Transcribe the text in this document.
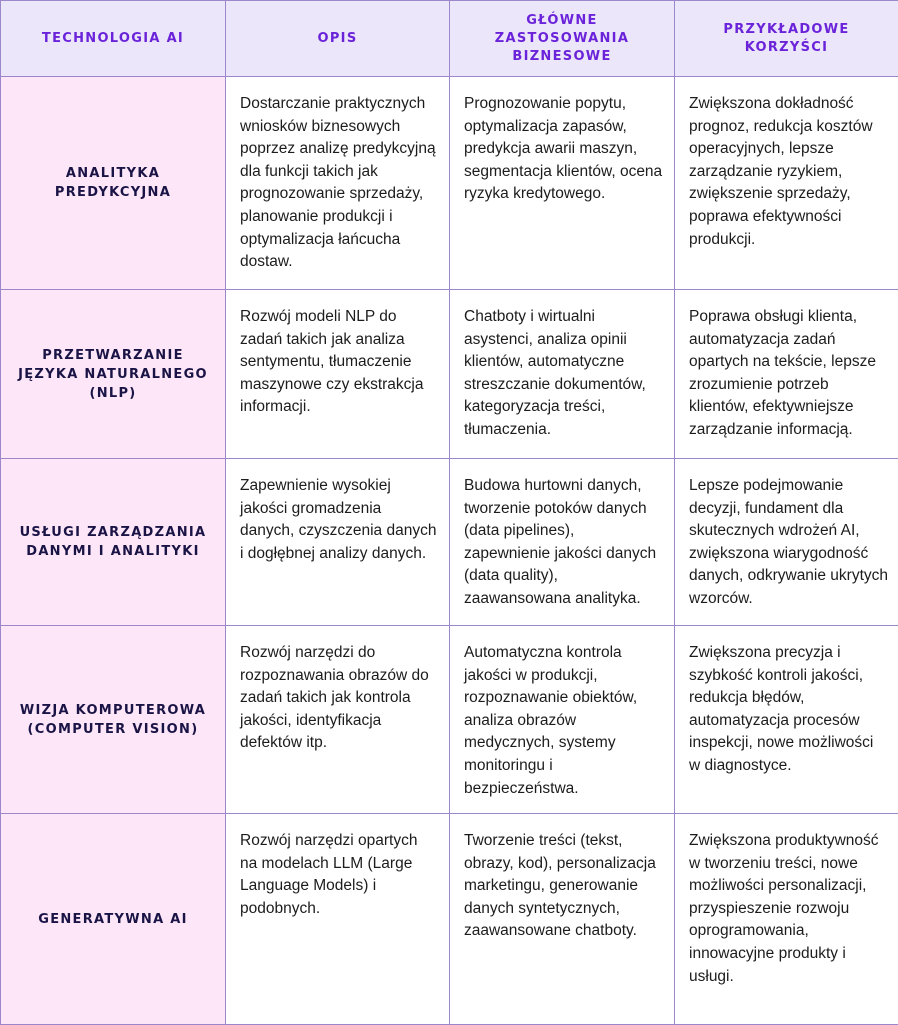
TECHNOLOGIA AI	OPIS	GŁÓWNE ZASTOSOWANIA BIZNESOWE	PRZYKŁADOWE KORZYŚCI
ANALITYKA PREDYKCYJNA	Dostarczanie praktycznych wniosków biznesowych poprzez analizę predykcyjną dla funkcji takich jak prognozowanie sprzedaży, planowanie produkcji i optymalizacja łańcucha dostaw.	Prognozowanie popytu, optymalizacja zapasów, predykcja awarii maszyn, segmentacja klientów, ocena ryzyka kredytowego.	Zwiększona dokładność prognoz, redukcja kosztów operacyjnych, lepsze zarządzanie ryzykiem, zwiększenie sprzedaży, poprawa efektywności produkcji.
PRZETWARZANIE JĘZYKA NATURALNEGO (NLP)	Rozwój modeli NLP do zadań takich jak analiza sentymentu, tłumaczenie maszynowe czy ekstrakcja informacji.	Chatboty i wirtualni asystenci, analiza opinii klientów, automatyczne streszczanie dokumentów, kategoryzacja treści, tłumaczenia.	Poprawa obsługi klienta, automatyzacja zadań opartych na tekście, lepsze zrozumienie potrzeb klientów, efektywniejsze zarządzanie informacją.
USŁUGI ZARZĄDZANIA DANYMI I ANALITYKI	Zapewnienie wysokiej jakości gromadzenia danych, czyszczenia danych i dogłębnej analizy danych.	Budowa hurtowni danych, tworzenie potoków danych (data pipelines), zapewnienie jakości danych (data quality), zaawansowana analityka.	Lepsze podejmowanie decyzji, fundament dla skutecznych wdrożeń AI, zwiększona wiarygodność danych, odkrywanie ukrytych wzorców.
WIZJA KOMPUTEROWA (COMPUTER VISION)	Rozwój narzędzi do rozpoznawania obrazów do zadań takich jak kontrola jakości, identyfikacja defektów itp.	Automatyczna kontrola jakości w produkcji, rozpoznawanie obiektów, analiza obrazów medycznych, systemy monitoringu i bezpieczeństwa.	Zwiększona precyzja i szybkość kontroli jakości, redukcja błędów, automatyzacja procesów inspekcji, nowe możliwości w diagnostyce.
GENERATYWNA AI	Rozwój narzędzi opartych na modelach LLM (Large Language Models) i podobnych.	Tworzenie treści (tekst, obrazy, kod), personalizacja marketingu, generowanie danych syntetycznych, zaawansowane chatboty.	Zwiększona produktywność w tworzeniu treści, nowe możliwości personalizacji, przyspieszenie rozwoju oprogramowania, innowacyjne produkty i usługi.
